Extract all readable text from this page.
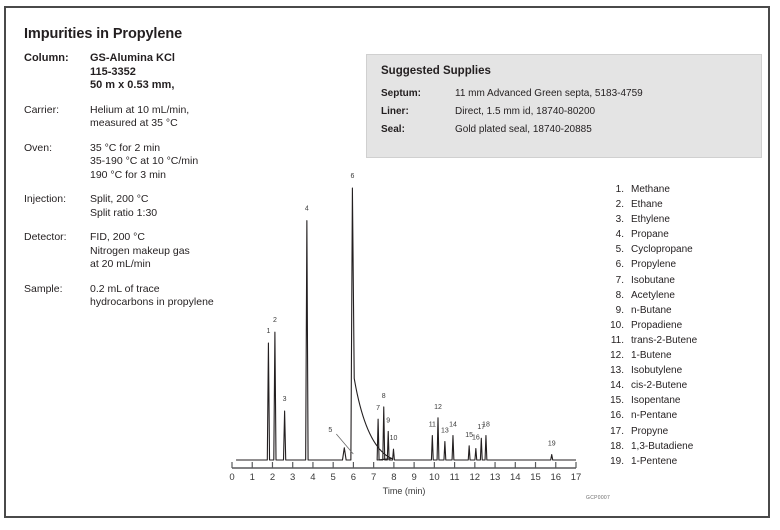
Impurities in Propylene
Column:	GS-Alumina KCl
115-3352
50 m x 0.53 mm,
Carrier:	Helium at 10 mL/min,
measured at 35 °C
Oven:	35 °C for 2 min
35-190 °C at 10 °C/min
190 °C for 3 min
Injection:	Split, 200 °C
Split ratio 1:30
Detector:	FID, 200 °C
Nitrogen makeup gas
at 20 mL/min
Sample:	0.2 mL of trace
hydrocarbons in propylene
Suggested Supplies
Septum:	11 mm Advanced Green septa, 5183-4759
Liner:	Direct, 1.5 mm id, 18740-80200
Seal:	Gold plated seal, 18740-20885
1. Methane
2. Ethane
3. Ethylene
4. Propane
5. Cyclopropane
6. Propylene
7. Isobutane
8. Acetylene
9. n-Butane
10. Propadiene
11. trans-2-Butene
12. 1-Butene
13. Isobutylene
14. cis-2-Butene
15. Isopentane
16. n-Pentane
17. Propyne
18. 1,3-Butadiene
19. 1-Pentene
1
2
3
4
5
6
7
8
9
10
11
12
13
14
15
16
17
18
19
0 1 2 3 4 5 6 7 8 9 10 11 12 13 14 15 16 17
Time (min)
GCP0007
